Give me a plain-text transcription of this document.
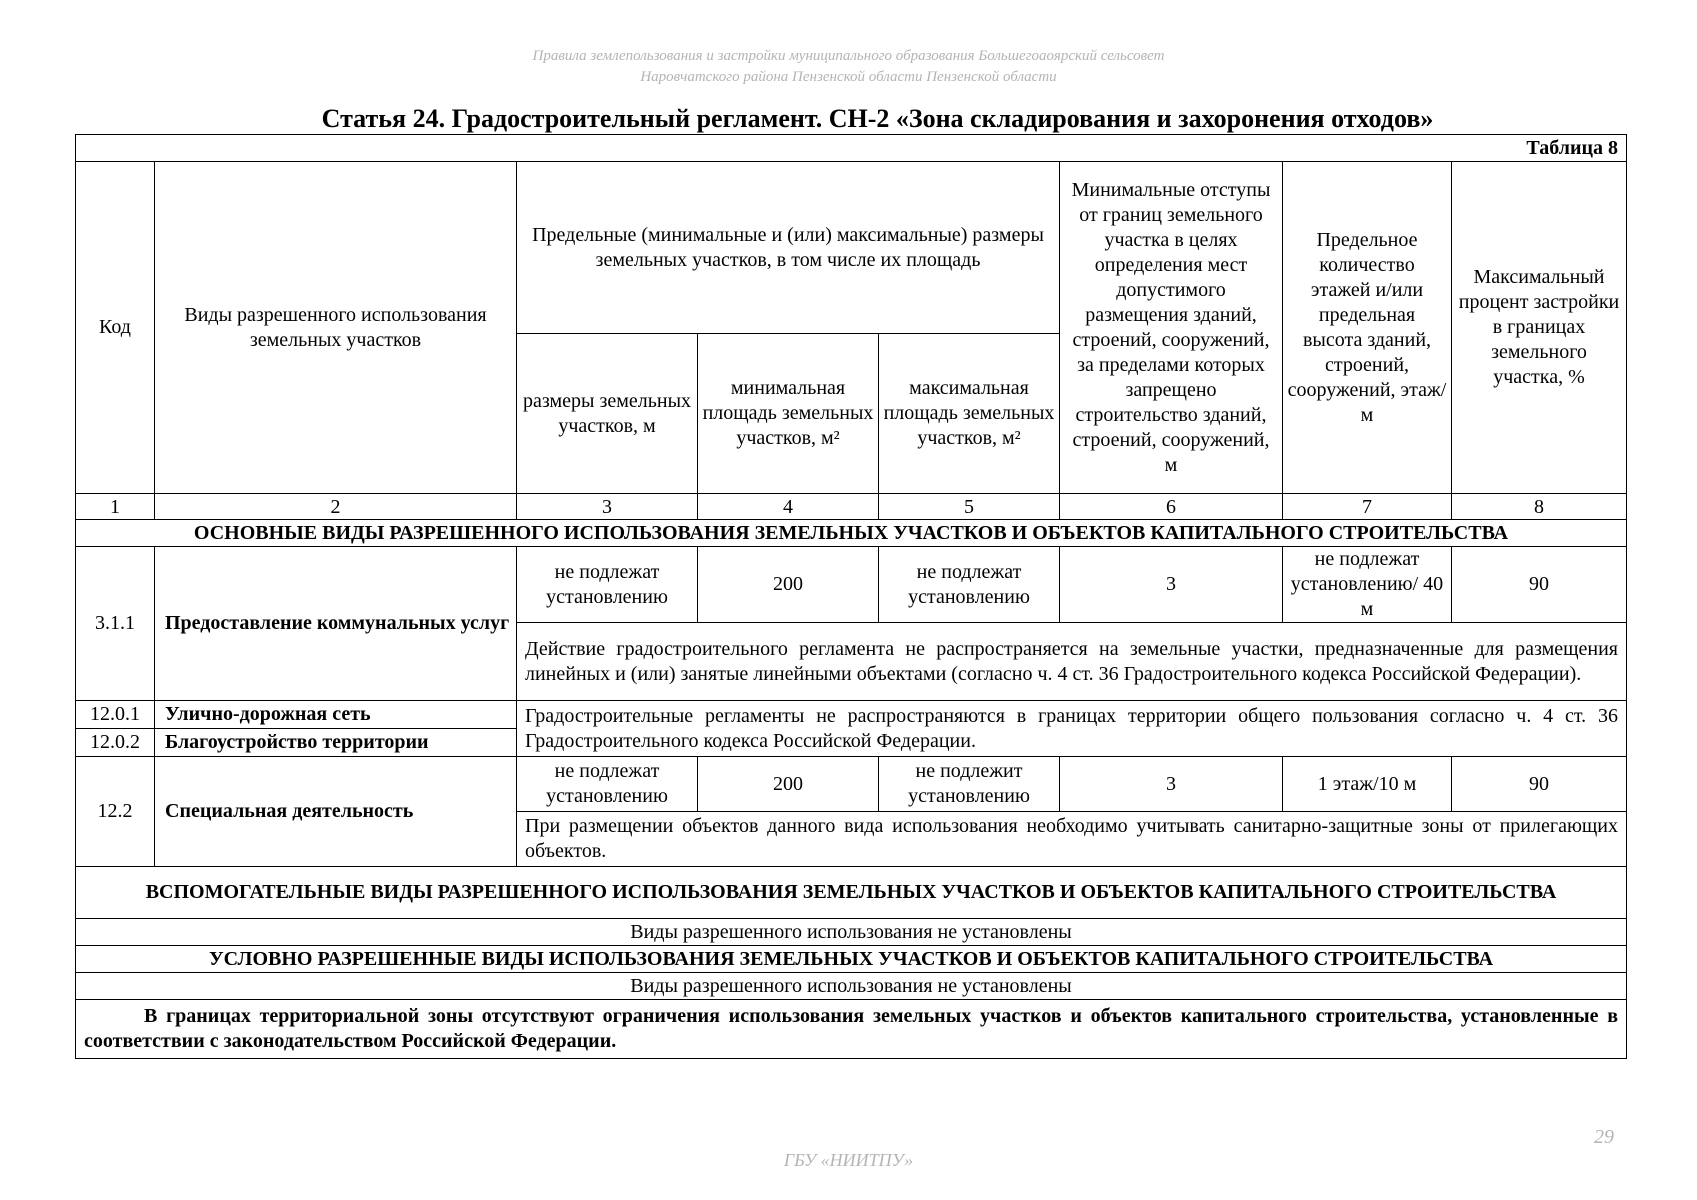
Правила землепользования и застройки муниципального образования Большегоаоярский сельсовет
Наровчатского района Пензенской области Пензенской области
Статья 24. Градостроительный регламент. СН-2 «Зона складирования и захоронения отходов»
Таблица 8							
Код	Виды разрешенного использования земельных участков	Предельные (минимальные и (или) максимальные) размеры земельных участков, в том числе их площадь			Минимальные отступы от границ земельного участка в целях определения мест допустимого размещения зданий, строений, сооружений, за пределами которых запрещено строительство зданий, строений, сооружений, м	Предельное количество этажей и/или предельная высота зданий, строений, сооружений, этаж/м	Максимальный процент застройки в границах земельного участка, %
		размеры земельных участков, м	минимальная площадь земельных участков, м²	максимальная площадь земельных участков, м²			
1	2	3	4	5	6	7	8
ОСНОВНЫЕ ВИДЫ РАЗРЕШЕННОГО ИСПОЛЬЗОВАНИЯ ЗЕМЕЛЬНЫХ УЧАСТКОВ И ОБЪЕКТОВ КАПИТАЛЬНОГО СТРОИТЕЛЬСТВА							
3.1.1	Предоставление коммунальных услуг	не подлежат установлению	200	не подлежат установлению	3	не подлежат установлению/ 40 м	90
		Действие градостроительного регламента не распространяется на земельные участки, предназначенные для размещения линейных и (или) занятые линейными объектами (согласно ч. 4 ст. 36 Градостроительного кодекса Российской Федерации).					
12.0.1	Улично-дорожная сеть	Градостроительные регламенты не распространяются в границах территории общего пользования согласно ч. 4 ст. 36 Градостроительного кодекса Российской Федерации.					
12.0.2	Благоустройство территории						
12.2	Специальная деятельность	не подлежат установлению	200	не подлежит установлению	3	1 этаж/10 м	90
		При размещении объектов данного вида использования необходимо учитывать санитарно-защитные зоны от прилегающих объектов.					
ВСПОМОГАТЕЛЬНЫЕ ВИДЫ РАЗРЕШЕННОГО ИСПОЛЬЗОВАНИЯ ЗЕМЕЛЬНЫХ УЧАСТКОВ И ОБЪЕКТОВ КАПИТАЛЬНОГО СТРОИТЕЛЬСТВА							
Виды разрешенного использования не установлены							
УСЛОВНО РАЗРЕШЕННЫЕ ВИДЫ ИСПОЛЬЗОВАНИЯ ЗЕМЕЛЬНЫХ УЧАСТКОВ И ОБЪЕКТОВ КАПИТАЛЬНОГО СТРОИТЕЛЬСТВА							
Виды разрешенного использования не установлены							
В границах территориальной зоны отсутствуют ограничения использования земельных участков и объектов капитального строительства, установленные в соответствии с законодательством Российской Федерации.							
29
ГБУ «НИИТПУ»
